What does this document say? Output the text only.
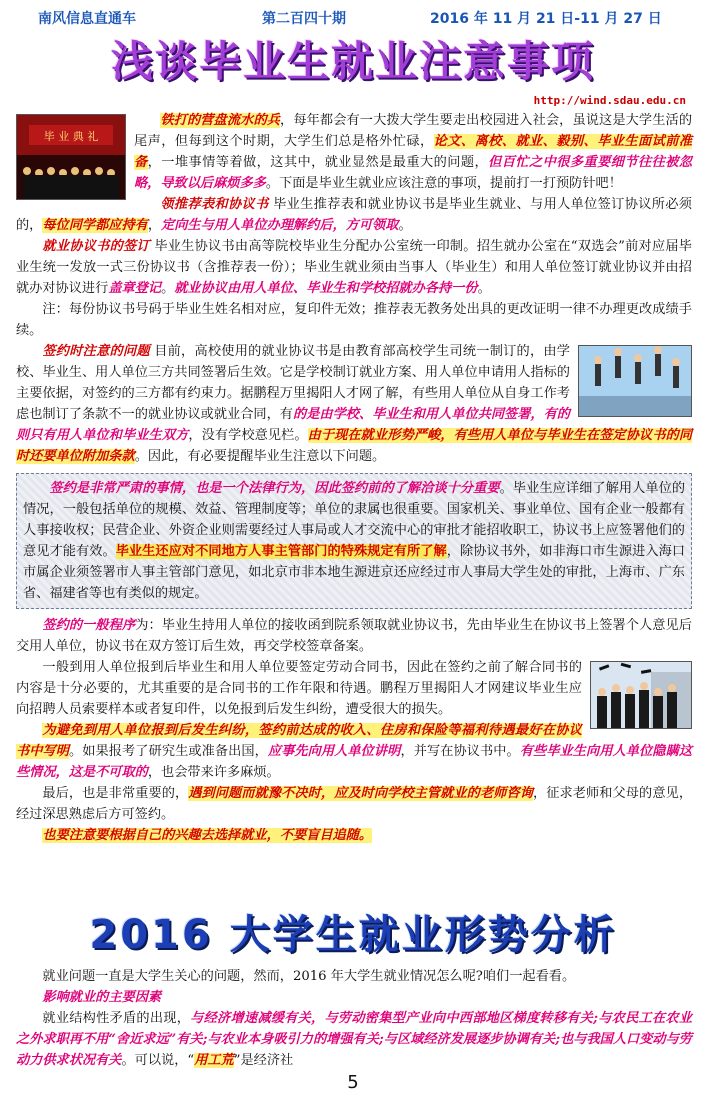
南风信息直通车	第二百四十期	2016 年 11 月 21 日-11 月 27 日
浅谈毕业生就业注意事项
http://wind.sdau.edu.cn
毕 业 典 礼

铁打的营盘流水的兵，每年都会有一大拨大学生要走出校园进入社会，虽说这是大学生活的尾声，但每到这个时期，大学生们总是格外忙碌，论文、离校、就业、毅别、毕业生面试前准备，一堆事情等着做，这其中，就业显然是最重大的问题，但百忙之中很多重要细节往往被忽略，导致以后麻烦多多。下面是毕业生就业应该注意的事项，提前打一打预防针吧！

领推荐表和协议书 毕业生推荐表和就业协议书是毕业生就业、与用人单位签订协议所必须的，每位同学都应持有，定向生与用人单位办理解约后，方可领取。

就业协议书的签订 毕业生协议书由高等院校毕业生分配办公室统一印制。招生就办公室在“双选会”前对应届毕业生统一发放一式三份协议书（含推荐表一份）；毕业生就业须由当事人（毕业生）和用人单位签订就业协议并由招就办对协议进行盖章登记。就业协议由用人单位、毕业生和学校招就办各持一份。

注：每份协议书号码于毕业生姓名相对应，复印件无效；推荐表无教务处出具的更改证明一律不办理更改成绩手续。

签约时注意的问题 目前，高校使用的就业协议书是由教育部高校学生司统一制订的，由学校、毕业生、用人单位三方共同签署后生效。它是学校制订就业方案、用人单位申请用人指标的主要依据，对签约的三方都有约束力。据鹏程万里揭阳人才网了解，有些用人单位从自身工作考虑也制订了条款不一的就业协议或就业合同，有的是由学校、毕业生和用人单位共同签署，有的则只有用人单位和毕业生双方，没有学校意见栏。由于现在就业形势严峻，有些用人单位与毕业生在签定协议书的同时还要单位附加条款。因此，有必要提醒毕业生注意以下问题。

签约是非常严肃的事情，也是一个法律行为，因此签约前的了解洽谈十分重要。毕业生应详细了解用人单位的情况，一般包括单位的规模、效益、管理制度等；单位的隶属也很重要。国家机关、事业单位、国有企业一般都有人事接收权；民营企业、外资企业则需要经过人事局或人才交流中心的审批才能招收职工，协议书上应签署他们的意见才能有效。毕业生还应对不同地方人事主管部门的特殊规定有所了解，除协议书外，如非海口市生源进入海口市属企业须签署市人事主管部门意见，如北京市非本地生源进京还应经过市人事局大学生处的审批，上海市、广东省、福建省等也有类似的规定。

签约的一般程序为：毕业生持用人单位的接收函到院系领取就业协议书，先由毕业生在协议书上签署个人意见后交用人单位，协议书在双方签订后生效，再交学校签章备案。

一般到用人单位报到后毕业生和用人单位要签定劳动合同书，因此在签约之前了解合同书的内容是十分必要的，尤其重要的是合同书的工作年限和待遇。鹏程万里揭阳人才网建议毕业生应向招聘人员索要样本或者复印件，以免报到后发生纠纷，遭受很大的损失。

为避免到用人单位报到后发生纠纷，签约前达成的收入、住房和保险等福利待遇最好在协议书中写明。如果报考了研究生或准备出国，应事先向用人单位讲明，并写在协议书中。有些毕业生向用人单位隐瞒这些情况，这是不可取的，也会带来许多麻烦。

最后，也是非常重要的，遇到问题而就豫不决时，应及时向学校主管就业的老师咨询，征求老师和父母的意见，经过深思熟虑后方可签约。

也要注意要根据自己的兴趣去选择就业，不要盲目追随。

2016 大学生就业形势分析

就业问题一直是大学生关心的问题，然而，2016 年大学生就业情况怎么呢?咱们一起看看。

影响就业的主要因素

就业结构性矛盾的出现，与经济增速减缓有关，与劳动密集型产业向中西部地区梯度转移有关;与农民工在农业之外求职再不用“舍近求远”有关;与农业本身吸引力的增强有关;与区域经济发展逐步协调有关;也与我国人口变动与劳动力供求状况有关。可以说，“用工荒”是经济社

5
